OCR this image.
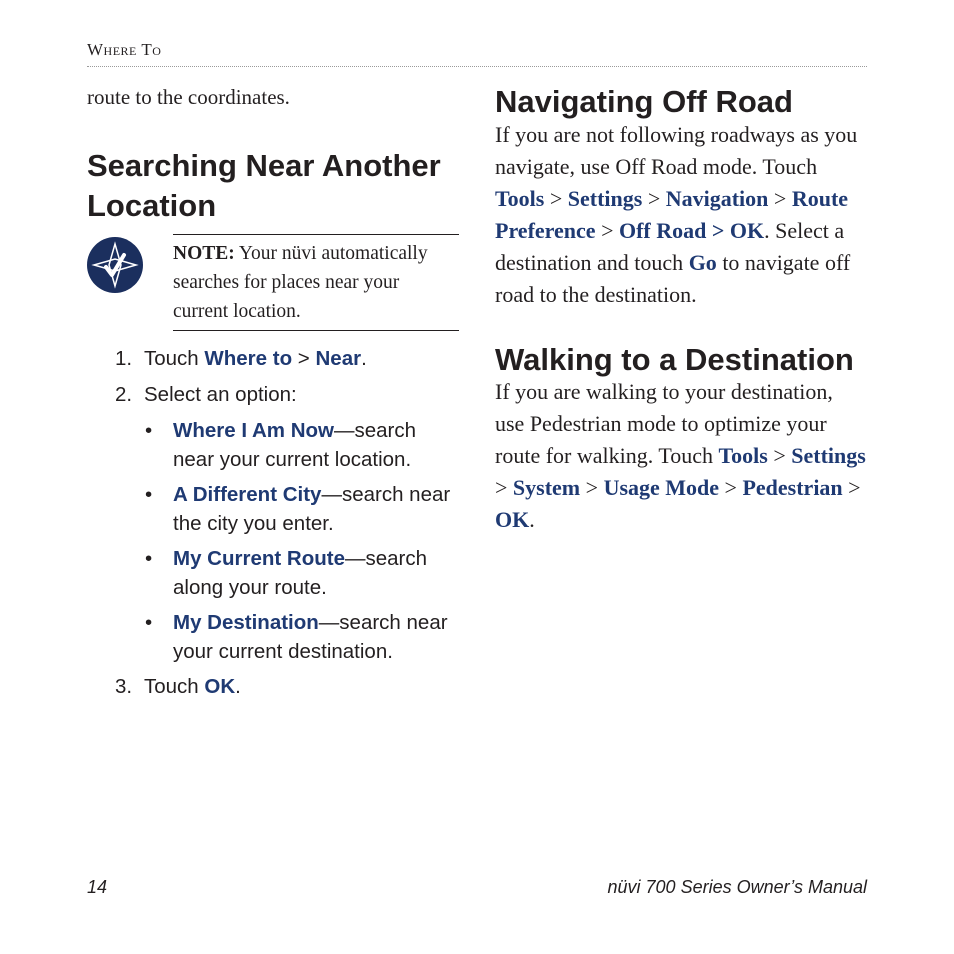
Where To
route to the coordinates.
Searching Near Another
Location
NOTE: Your nüvi automatically searches for places near your current location.
1. Touch Where to > Near.
2. Select an option:
• Where I Am Now—search near your current location.
• A Different City—search near the city you enter.
• My Current Route—search along your route.
• My Destination—search near your current destination.
3. Touch OK.
Navigating Off Road
If you are not following roadways as you navigate, use Off Road mode. Touch Tools > Settings > Navigation > Route Preference > Off Road > OK. Select a destination and touch Go to navigate off road to the destination.
Walking to a Destination
If you are walking to your destination, use Pedestrian mode to optimize your route for walking. Touch Tools > Settings > System > Usage Mode > Pedestrian > OK.
14	nüvi 700 Series Owner’s Manual
